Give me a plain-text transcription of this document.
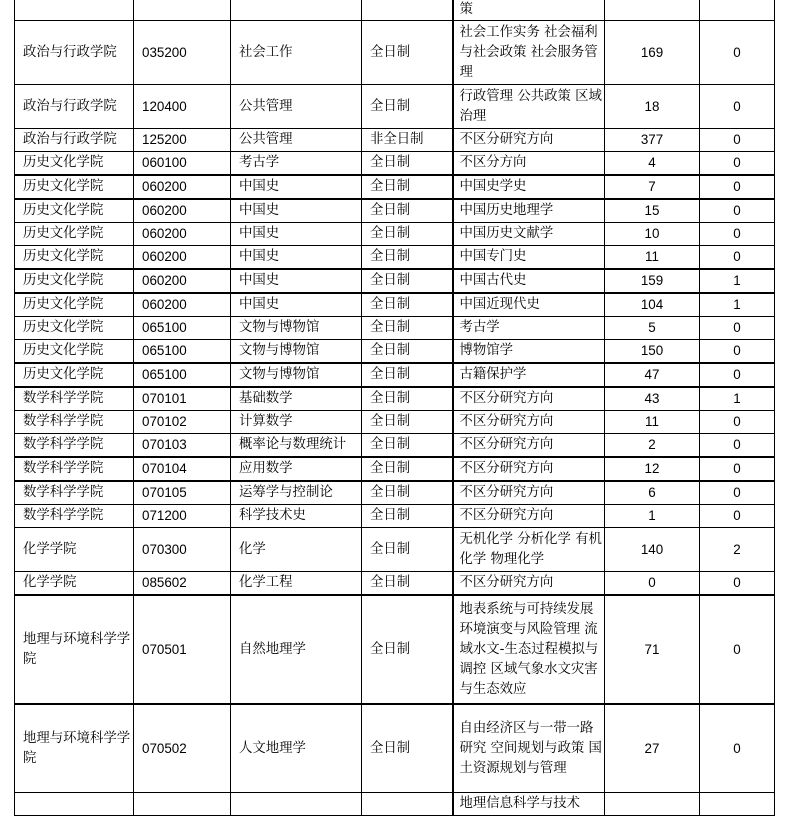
				策		
政治与行政学院	035200	社会工作	全日制	社会工作实务 社会福利与社会政策 社会服务管理	169	0
政治与行政学院	120400	公共管理	全日制	行政管理 公共政策 区域治理	18	0
政治与行政学院	125200	公共管理	非全日制	不区分研究方向	377	0
历史文化学院	060100	考古学	全日制	不区分方向	4	0
历史文化学院	060200	中国史	全日制	中国史学史	7	0
历史文化学院	060200	中国史	全日制	中国历史地理学	15	0
历史文化学院	060200	中国史	全日制	中国历史文献学	10	0
历史文化学院	060200	中国史	全日制	中国专门史	11	0
历史文化学院	060200	中国史	全日制	中国古代史	159	1
历史文化学院	060200	中国史	全日制	中国近现代史	104	1
历史文化学院	065100	文物与博物馆	全日制	考古学	5	0
历史文化学院	065100	文物与博物馆	全日制	博物馆学	150	0
历史文化学院	065100	文物与博物馆	全日制	古籍保护学	47	0
数学科学学院	070101	基础数学	全日制	不区分研究方向	43	1
数学科学学院	070102	计算数学	全日制	不区分研究方向	11	0
数学科学学院	070103	概率论与数理统计	全日制	不区分研究方向	2	0
数学科学学院	070104	应用数学	全日制	不区分研究方向	12	0
数学科学学院	070105	运筹学与控制论	全日制	不区分研究方向	6	0
数学科学学院	071200	科学技术史	全日制	不区分研究方向	1	0
化学学院	070300	化学	全日制	无机化学 分析化学 有机化学 物理化学	140	2
化学学院	085602	化学工程	全日制	不区分研究方向	0	0
地理与环境科学学院	070501	自然地理学	全日制	地表系统与可持续发展 环境演变与风险管理 流域水文-生态过程模拟与调控 区域气象水文灾害与生态效应	71	0
地理与环境科学学院	070502	人文地理学	全日制	自由经济区与一带一路研究 空间规划与政策 国土资源规划与管理	27	0
				地理信息科学与技术		
